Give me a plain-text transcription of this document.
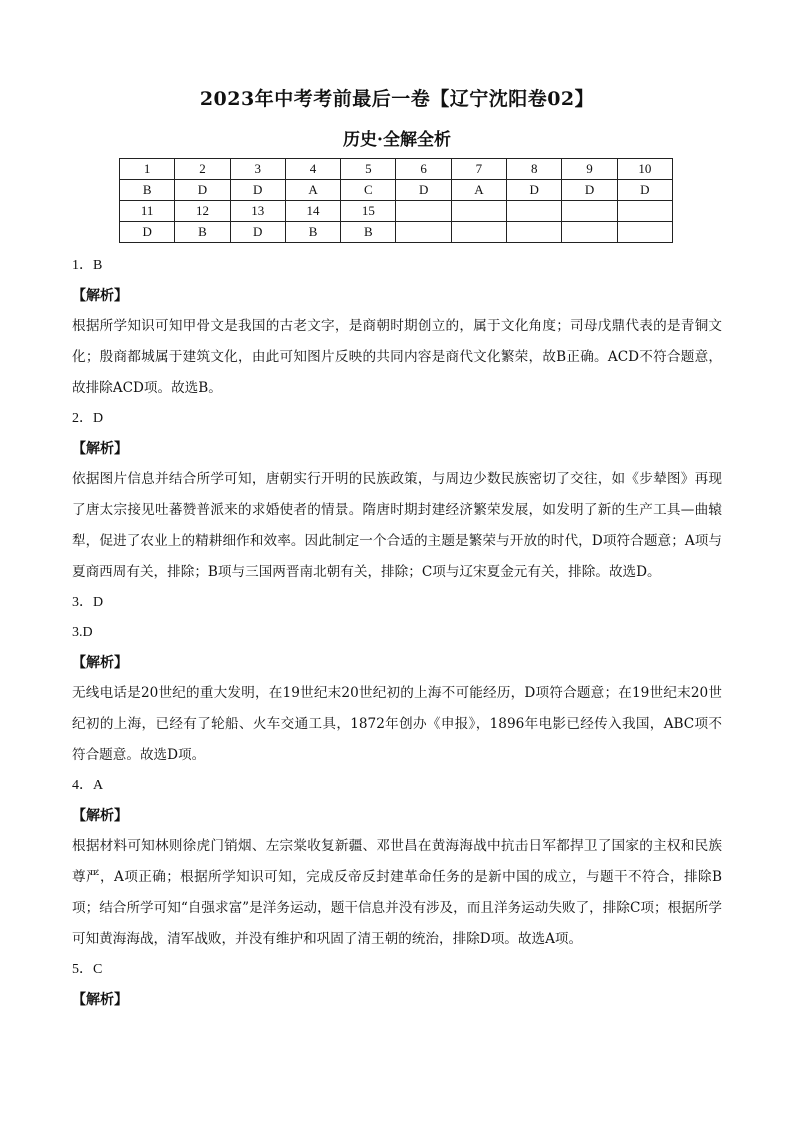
2023年中考考前最后一卷【辽宁沈阳卷02】
历史·全解全析
1	2	3	4	5	6	7	8	9	10
B	D	D	A	C	D	A	D	D	D
11	12	13	14	15					
D	B	D	B	B					
1．B
【解析】
根据所学知识可知甲骨文是我国的古老文字，是商朝时期创立的，属于文化角度；司母戊鼎代表的是青铜文化；殷商都城属于建筑文化，由此可知图片反映的共同内容是商代文化繁荣，故B正确。ACD不符合题意，故排除ACD项。故选B。
2．D
【解析】
依据图片信息并结合所学可知，唐朝实行开明的民族政策，与周边少数民族密切了交往，如《步辇图》再现了唐太宗接见吐蕃赞普派来的求婚使者的情景。隋唐时期封建经济繁荣发展，如发明了新的生产工具—曲辕犁，促进了农业上的精耕细作和效率。因此制定一个合适的主题是繁荣与开放的时代，D项符合题意；A项与夏商西周有关，排除；B项与三国两晋南北朝有关，排除；C项与辽宋夏金元有关，排除。故选D。
3．D
3.D
【解析】
无线电话是20世纪的重大发明，在19世纪末20世纪初的上海不可能经历，D项符合题意；在19世纪末20世纪初的上海，已经有了轮船、火车交通工具，1872年创办《申报》，1896年电影已经传入我国，ABC项不符合题意。故选D项。
4．A
【解析】
根据材料可知林则徐虎门销烟、左宗棠收复新疆、邓世昌在黄海海战中抗击日军都捍卫了国家的主权和民族尊严，A项正确；根据所学知识可知，完成反帝反封建革命任务的是新中国的成立，与题干不符合，排除B项；结合所学可知“自强求富”是洋务运动，题干信息并没有涉及，而且洋务运动失败了，排除C项；根据所学可知黄海海战，清军战败，并没有维护和巩固了清王朝的统治，排除D项。故选A项。
5．C
【解析】
